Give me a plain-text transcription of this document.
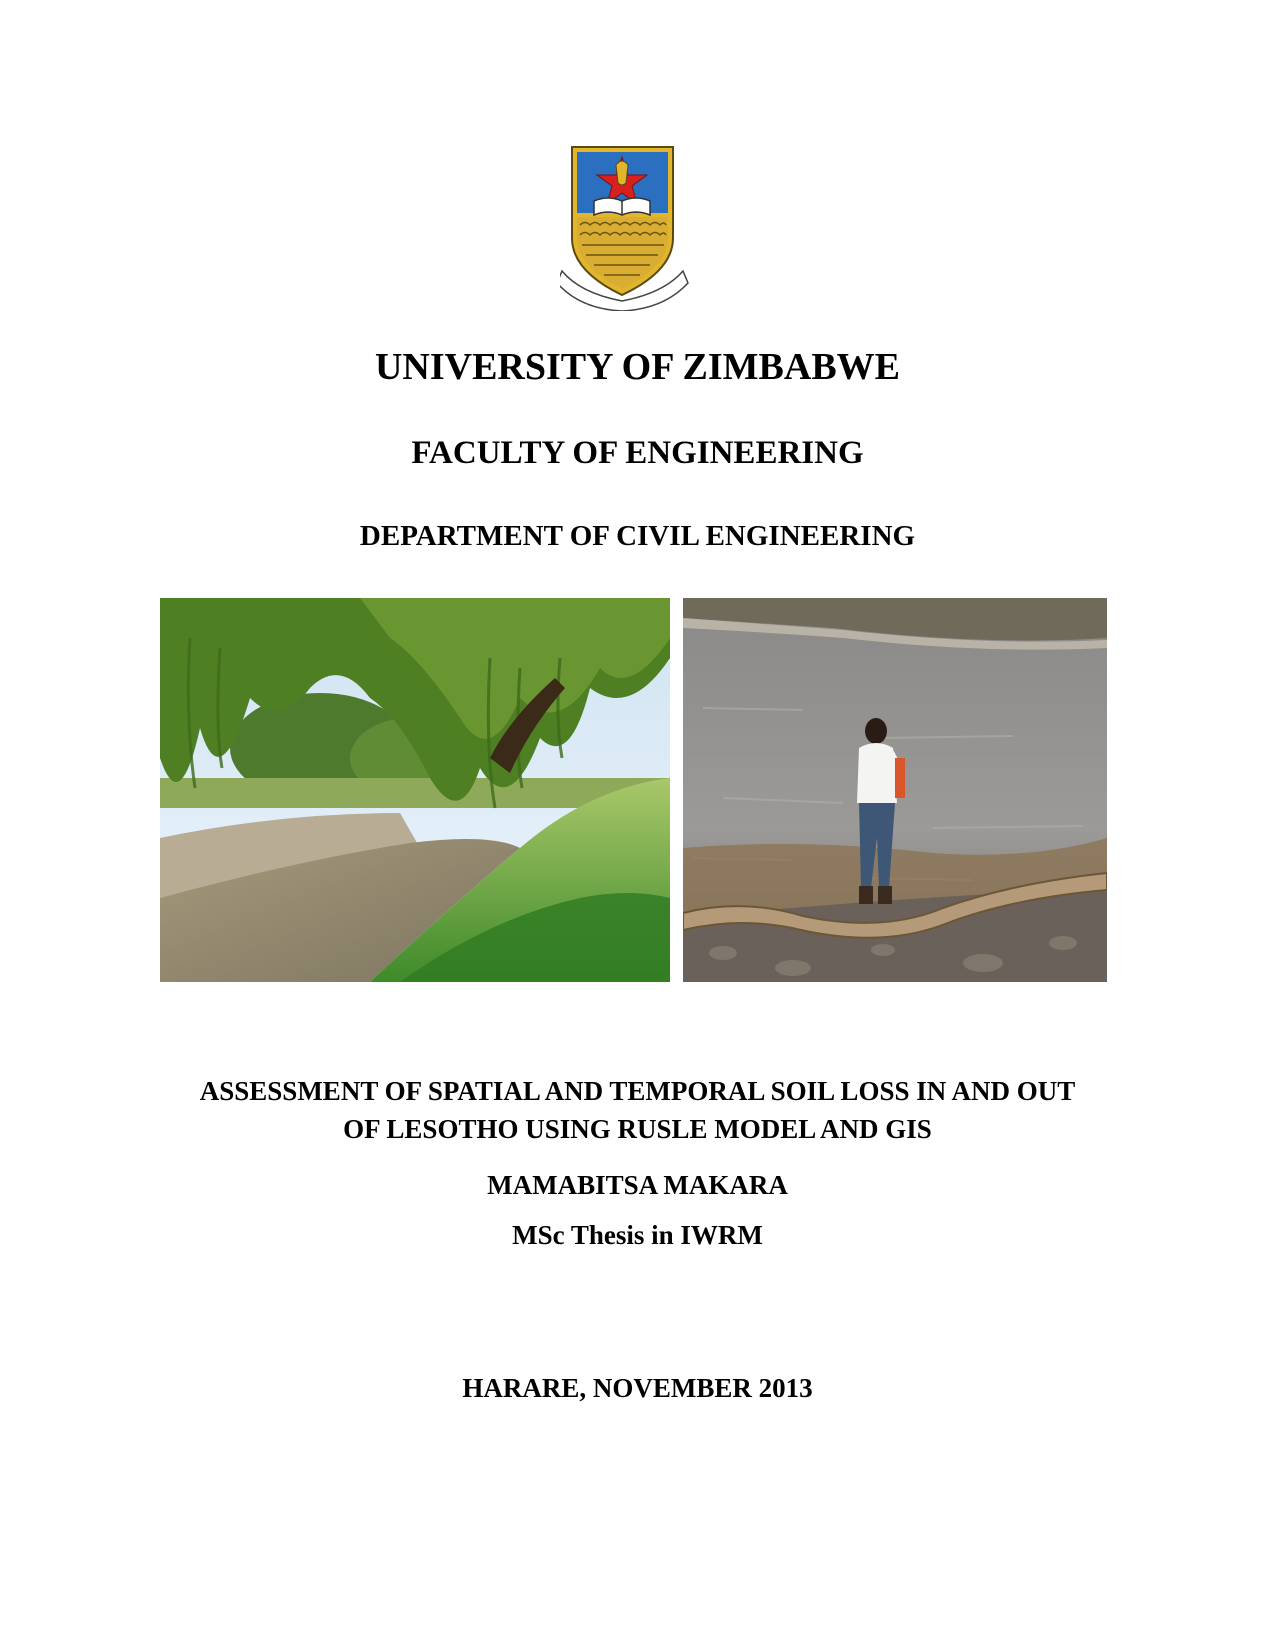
UNIVERSITY OF ZIMBABWE
FACULTY OF ENGINEERING
DEPARTMENT OF CIVIL ENGINEERING
ASSESSMENT OF SPATIAL AND TEMPORAL SOIL LOSS IN AND OUT
OF LESOTHO USING RUSLE MODEL AND GIS
MAMABITSA MAKARA
MSc Thesis in IWRM
HARARE, NOVEMBER 2013
